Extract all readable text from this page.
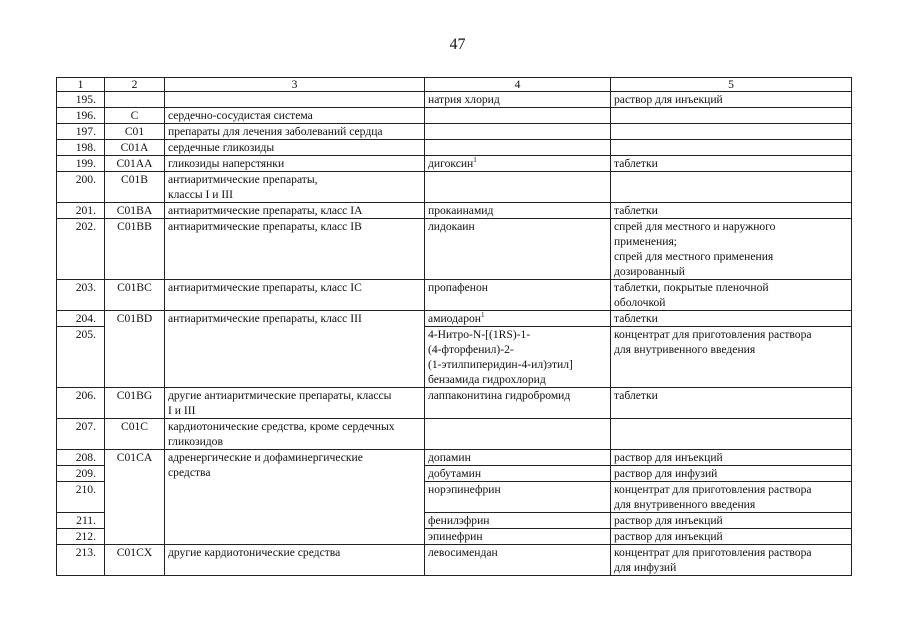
47
1	2	3	4	5
195.			натрия хлорид	раствор для инъекций
196.	C	сердечно-сосудистая система		
197.	C01	препараты для лечения заболеваний сердца		
198.	C01A	сердечные гликозиды		
199.	C01AA	гликозиды наперстянки	дигоксин$^1$	таблетки
200.	C01B	антиаритмические препараты,
классы I и III		
201.	C01BA	антиаритмические препараты, класс IA	прокаинамид	таблетки
202.	C01BB	антиаритмические препараты, класс IB	лидокаин	спрей для местного и наружного
применения;
спрей для местного применения
дозированный
203.	C01BC	антиаритмические препараты, класс IC	пропафенон	таблетки, покрытые пленочной
оболочкой
204.	C01BD	антиаритмические препараты, класс III	амиодарон$^1$	таблетки
205.			4-Нитро-N-[(1RS)-1-
(4-фторфенил)-2-
(1-этилпиперидин-4-ил)этил]
бензамида гидрохлорид	концентрат для приготовления раствора
для внутривенного введения
206.	C01BG	другие антиаритмические препараты, классы
I и III	лаппаконитина гидробромид	таблетки
207.	C01C	кардиотонические средства, кроме сердечных
гликозидов		
208.	C01CA	адренергические и дофаминергические
средства	допамин	раствор для инъекций
209.			добутамин	раствор для инфузий
210.			норэпинефрин	концентрат для приготовления раствора
для внутривенного введения
211.			фенилэфрин	раствор для инъекций
212.			эпинефрин	раствор для инъекций
213.	C01CX	другие кардиотонические средства	левосимендан	концентрат для приготовления раствора
для инфузий
